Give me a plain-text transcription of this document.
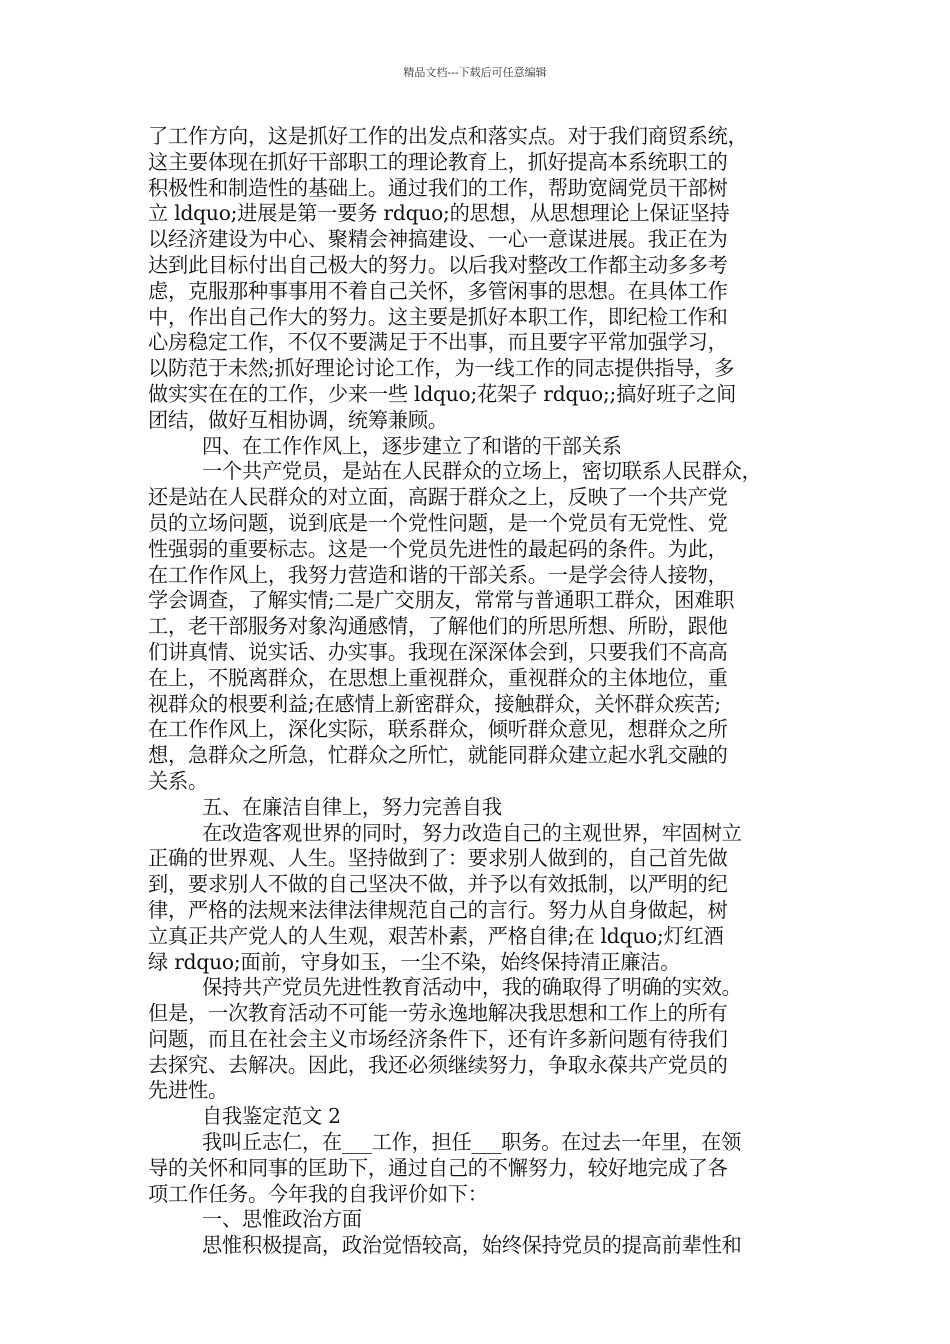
精品文档---下载后可任意编辑
了工作方向，这是抓好工作的出发点和落实点。对于我们商贸系统，
这主要体现在抓好干部职工的理论教育上，抓好提高本系统职工的
积极性和制造性的基础上。通过我们的工作，帮助宽阔党员干部树
立 ldquo;进展是第一要务 rdquo;的思想，从思想理论上保证坚持
以经济建设为中心、聚精会神搞建设、一心一意谋进展。我正在为
达到此目标付出自己极大的努力。以后我对整改工作都主动多多考
虑，克服那种事事用不着自己关怀，多管闲事的思想。在具体工作
中，作出自己作大的努力。这主要是抓好本职工作，即纪检工作和
心房稳定工作，不仅不要满足于不出事，而且要字平常加强学习，
以防范于未然;抓好理论讨论工作，为一线工作的同志提供指导，多
做实实在在的工作，少来一些 ldquo;花架子 rdquo;;搞好班子之间
团结，做好互相协调，统筹兼顾。
四、在工作作风上，逐步建立了和谐的干部关系
一个共产党员，是站在人民群众的立场上，密切联系人民群众，
还是站在人民群众的对立面，高踞于群众之上，反映了一个共产党
员的立场问题，说到底是一个党性问题，是一个党员有无党性、党
性强弱的重要标志。这是一个党员先进性的最起码的条件。为此，
在工作作风上，我努力营造和谐的干部关系。一是学会待人接物，
学会调查，了解实情;二是广交朋友，常常与普通职工群众，困难职
工，老干部服务对象沟通感情，了解他们的所思所想、所盼，跟他
们讲真情、说实话、办实事。我现在深深体会到，只要我们不高高
在上，不脱离群众，在思想上重视群众，重视群众的主体地位，重
视群众的根要利益;在感情上新密群众，接触群众，关怀群众疾苦;
在工作作风上，深化实际，联系群众，倾听群众意见，想群众之所
想，急群众之所急，忙群众之所忙，就能同群众建立起水乳交融的
关系。
五、在廉洁自律上，努力完善自我
在改造客观世界的同时，努力改造自己的主观世界，牢固树立
正确的世界观、人生。坚持做到了：要求别人做到的，自己首先做
到，要求别人不做的自己坚决不做，并予以有效抵制，以严明的纪
律，严格的法规来法律法律规范自己的言行。努力从自身做起，树
立真正共产党人的人生观，艰苦朴素，严格自律;在 ldquo;灯红酒
绿 rdquo;面前，守身如玉，一尘不染，始终保持清正廉洁。
保持共产党员先进性教育活动中，我的确取得了明确的实效。
但是，一次教育活动不可能一劳永逸地解决我思想和工作上的所有
问题，而且在社会主义市场经济条件下，还有许多新问题有待我们
去探究、去解决。因此，我还必须继续努力，争取永葆共产党员的
先进性。
自我鉴定范文 2
我叫丘志仁，在___工作，担任___职务。在过去一年里，在领
导的关怀和同事的匡助下，通过自己的不懈努力，较好地完成了各
项工作任务。今年我的自我评价如下：
一、思惟政治方面
思惟积极提高，政治觉悟较高，始终保持党员的提高前辈性和
